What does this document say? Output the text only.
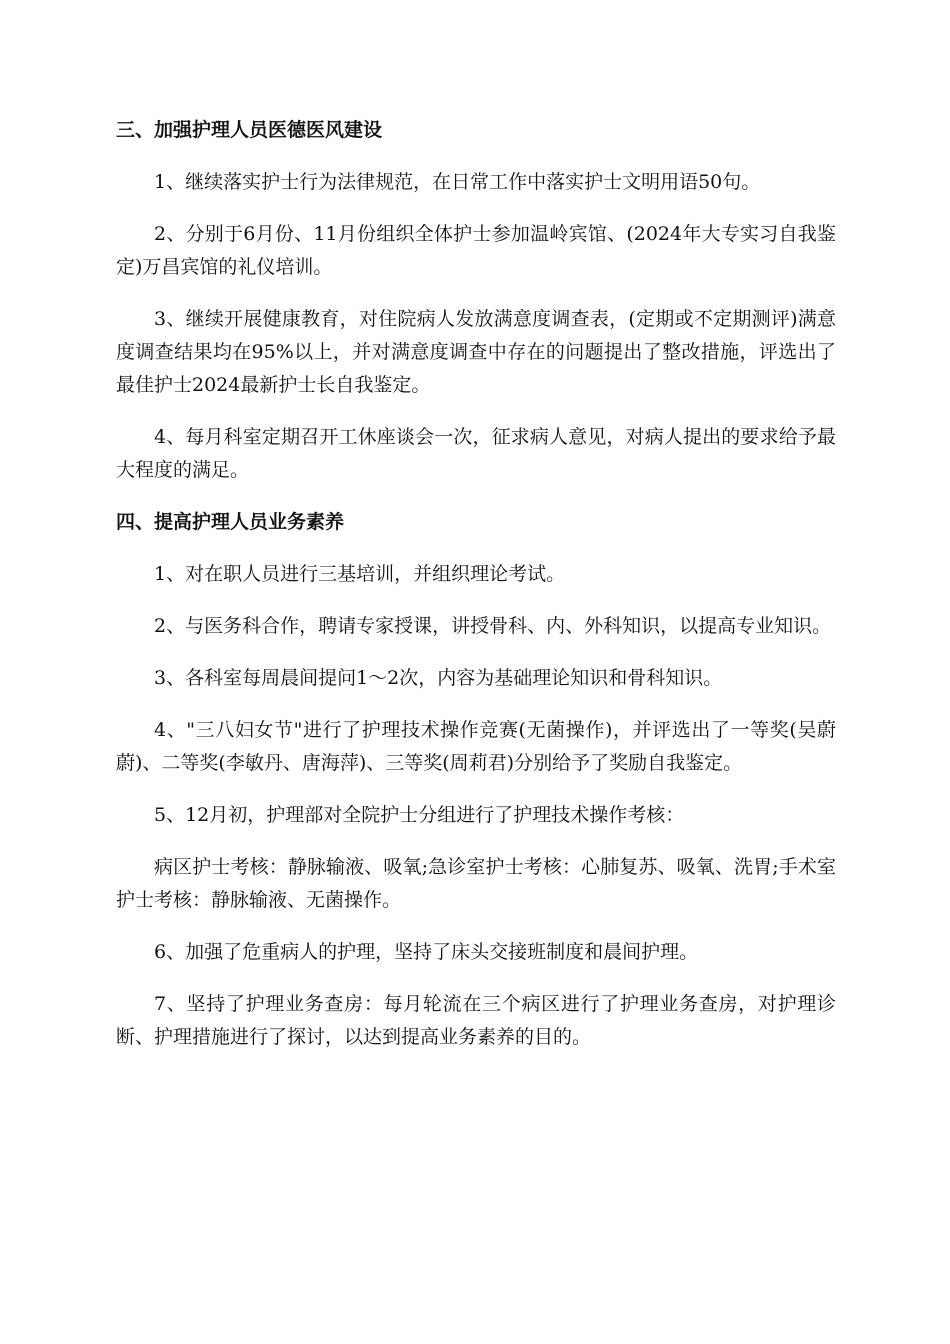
三、加强护理人员医德医风建设

1、继续落实护士行为法律规范，在日常工作中落实护士文明用语50句。

2、分别于6月份、11月份组织全体护士参加温岭宾馆、(2024年大专实习自我鉴定)万昌宾馆的礼仪培训。

3、继续开展健康教育，对住院病人发放满意度调查表，(定期或不定期测评)满意度调查结果均在95%以上，并对满意度调查中存在的问题提出了整改措施，评选出了最佳护士2024最新护士长自我鉴定。

4、每月科室定期召开工休座谈会一次，征求病人意见，对病人提出的要求给予最大程度的满足。

四、提高护理人员业务素养

1、对在职人员进行三基培训，并组织理论考试。

2、与医务科合作，聘请专家授课，讲授骨科、内、外科知识，以提高专业知识。

3、各科室每周晨间提问1～2次，内容为基础理论知识和骨科知识。

4、"三八妇女节"进行了护理技术操作竞赛(无菌操作)，并评选出了一等奖(吴蔚蔚)、二等奖(李敏丹、唐海萍)、三等奖(周莉君)分别给予了奖励自我鉴定。

5、12月初，护理部对全院护士分组进行了护理技术操作考核：

病区护士考核：静脉输液、吸氧;急诊室护士考核：心肺复苏、吸氧、洗胃;手术室护士考核：静脉输液、无菌操作。

6、加强了危重病人的护理，坚持了床头交接班制度和晨间护理。

7、坚持了护理业务查房：每月轮流在三个病区进行了护理业务查房，对护理诊断、护理措施进行了探讨，以达到提高业务素养的目的。
